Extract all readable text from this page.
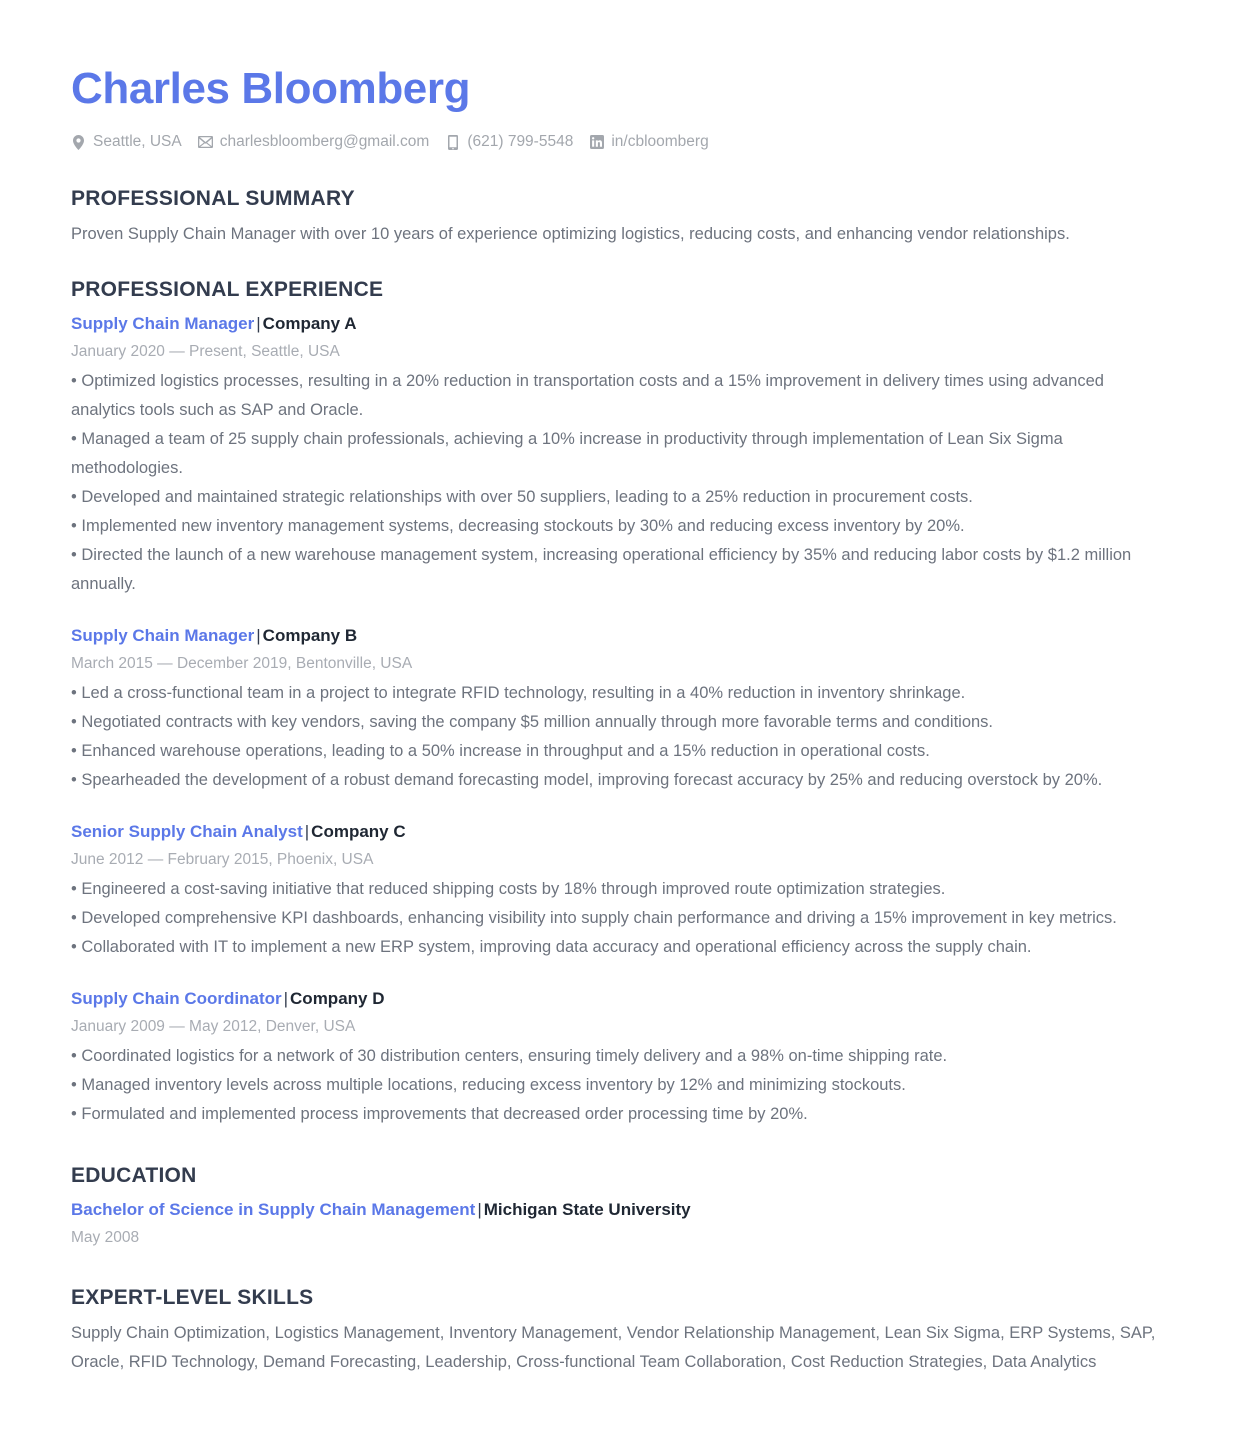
Charles Bloomberg
Seattle, USA charlesbloomberg@gmail.com (621) 799-5548 in/cbloomberg
PROFESSIONAL SUMMARY
Proven Supply Chain Manager with over 10 years of experience optimizing logistics, reducing costs, and enhancing vendor relationships.
PROFESSIONAL EXPERIENCE
Supply Chain Manager | Company A
January 2020 — Present, Seattle, USA
• Optimized logistics processes, resulting in a 20% reduction in transportation costs and a 15% improvement in delivery times using advanced analytics tools such as SAP and Oracle.
• Managed a team of 25 supply chain professionals, achieving a 10% increase in productivity through implementation of Lean Six Sigma methodologies.
• Developed and maintained strategic relationships with over 50 suppliers, leading to a 25% reduction in procurement costs.
• Implemented new inventory management systems, decreasing stockouts by 30% and reducing excess inventory by 20%.
• Directed the launch of a new warehouse management system, increasing operational efficiency by 35% and reducing labor costs by $1.2 million annually.
Supply Chain Manager | Company B
March 2015 — December 2019, Bentonville, USA
• Led a cross-functional team in a project to integrate RFID technology, resulting in a 40% reduction in inventory shrinkage.
• Negotiated contracts with key vendors, saving the company $5 million annually through more favorable terms and conditions.
• Enhanced warehouse operations, leading to a 50% increase in throughput and a 15% reduction in operational costs.
• Spearheaded the development of a robust demand forecasting model, improving forecast accuracy by 25% and reducing overstock by 20%.
Senior Supply Chain Analyst | Company C
June 2012 — February 2015, Phoenix, USA
• Engineered a cost-saving initiative that reduced shipping costs by 18% through improved route optimization strategies.
• Developed comprehensive KPI dashboards, enhancing visibility into supply chain performance and driving a 15% improvement in key metrics.
• Collaborated with IT to implement a new ERP system, improving data accuracy and operational efficiency across the supply chain.
Supply Chain Coordinator | Company D
January 2009 — May 2012, Denver, USA
• Coordinated logistics for a network of 30 distribution centers, ensuring timely delivery and a 98% on-time shipping rate.
• Managed inventory levels across multiple locations, reducing excess inventory by 12% and minimizing stockouts.
• Formulated and implemented process improvements that decreased order processing time by 20%.
EDUCATION
Bachelor of Science in Supply Chain Management | Michigan State University
May 2008
EXPERT-LEVEL SKILLS
Supply Chain Optimization, Logistics Management, Inventory Management, Vendor Relationship Management, Lean Six Sigma, ERP Systems, SAP, Oracle, RFID Technology, Demand Forecasting, Leadership, Cross-functional Team Collaboration, Cost Reduction Strategies, Data Analytics
